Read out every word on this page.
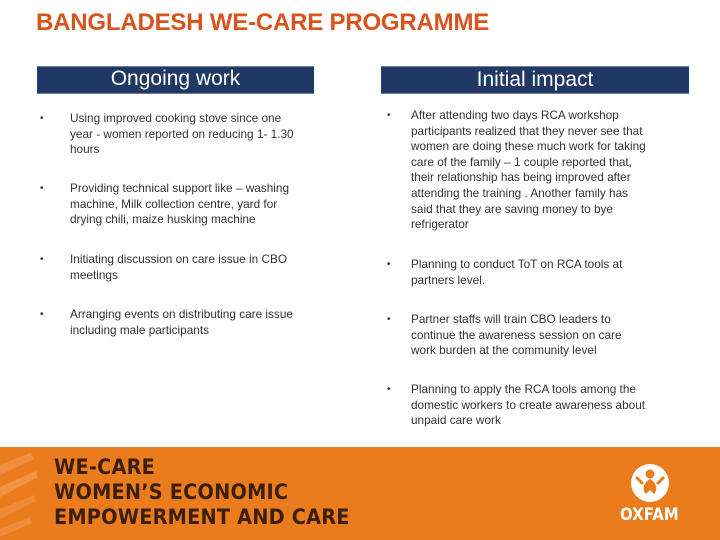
BANGLADESH WE-CARE PROGRAMME
Ongoing work	Initial impact
• Using improved cooking stove since one
year - women reported on reducing 1- 1.30
hours
• Providing technical support like – washing
machine, Milk collection centre, yard for
drying chili, maize husking machine
• Initiating discussion on care issue in CBO
meetings
• Arranging events on distributing care issue
including male participants
• After attending two days RCA workshop
participants realized that they never see that
women are doing these much work for taking
care of the family – 1 couple reported that,
their relationship has being improved after
attending the training . Another family has
said that they are saving money to bye
refrigerator
• Planning to conduct ToT on RCA tools at
partners level.
• Partner staffs will train CBO leaders to
continue the awareness session on care
work burden at the community level
• Planning to apply the RCA tools among the
domestic workers to create awareness about
unpaid care work
WE-CARE
WOMEN’S ECONOMIC
EMPOWERMENT AND CARE	OXFAM
